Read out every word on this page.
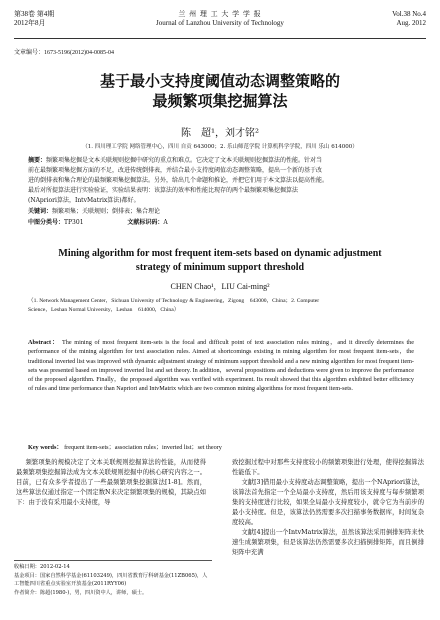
第38卷 第4期
2012年8月
兰 州 理 工 大 学 学 报
Journal of Lanzhou University of Technology
Vol.38 No.4
Aug. 2012
文章编号：1673-5196(2012)04-0085-04
基于最小支持度阈值动态调整策略的
最频繁项集挖掘算法
陈　超¹，刘才铭²
（1. 四川理工学院 网络管理中心，四川 自贡 643000；2. 乐山师范学院 计算机科学学院，四川 乐山 614000）
摘要：频繁项集挖掘是文本关联规则挖掘中研究的重点和难点。它决定了文本关联规则挖掘算法的性能。针对当
前在最频繁项集挖掘方面的不足，改进传统倒排表，并结合最小支持度阈值动态调整策略，提出一个新的基于改
进的倒排表和集合理论的最频繁项集挖掘算法。另外，给出几个命题和推论，并把它们用于本文算法以提高性能。
最后对所提算法进行实验验证，实验结果表明：该算法的效率和性能比现存的两个最频繁项集挖掘算法
(NApriori算法，IntvMatrix算法)都好。
关键词：频繁项集；关联规则；倒排表；集合理论
中图分类号：TP301	文献标识码：A
Mining algorithm for most frequent item-sets based on dynamic adjustment
strategy of minimum support threshold
CHEN Chao¹，LIU Cai-ming²
（1. Network Management Center，Sichuan University of Technology & Engineering，Zigong　643000，China；2. Computer
Science，Leshan Normal University，Leshan　614000，China）
Abstract： The mining of most frequent item-sets is the focal and difficult point of text association rules mining，and it directly determines the performance of the mining algorithm for text association rules. Aimed at shortcomings existing in mining algorithm for most frequent item-sets，the traditional inverted list was improved with dynamic adjustment strategy of minimum support threshold and a new mining algorithm for most frequent item-sets was presented based on improved inverted list and set theory. In addition，several propositions and deductions were given to improve the performance of the proposed algorithm. Finally，the proposed algorithm was verified with experiment. Its result showed that this algorithm exhibited better efficiency of rules and time performance than Napriori and IntvMatrix which are two common mining algorithms for most frequent item-sets.
Key words： frequent item-sets；association rules；inverted list；set theory

频繁项集的规模决定了文本关联规则挖掘算法的性能，从而使得最频繁项集挖掘算法成为文本关联规则挖掘中的核心研究内容之一。目前，已有众多学者提出了一些最频繁项集挖掘算法[1-8]。然而，这些算法仅通过指定一个固定数N来决定频繁项集的规模，其缺点如下：由于没有采用最小支持度，导

致挖掘过程中对那些支持度较小的频繁项集进行处理，使得挖掘算法性能低下。

文献[3]借用最小支持度动态调整策略，提出一个NApriori算法，该算法首先指定一个全局最小支持度，然后用该支持度与每步频繁项集的支持度进行比较，如果全局最小支持度较小，就令它为当前步的最小支持度。但是，该算法仍然需要多次扫描事务数据库，时间复杂度较高。

文献[4]提出一个IntvMatrix算法，虽然该算法采用倒排矩阵来快速生成频繁项集，但是该算法仍然需要多次扫描倒排矩阵，而且倒排矩阵中充满

收稿日期：2012-02-14
基金项目：国家自然科学基金(61103249)，四川省教育厅科研基金(11ZB065)，人工智能四川省重点实验室开放基金(2011RYY06)
作者简介：陈超(1980-)，男，四川资中人，讲师，硕士。
